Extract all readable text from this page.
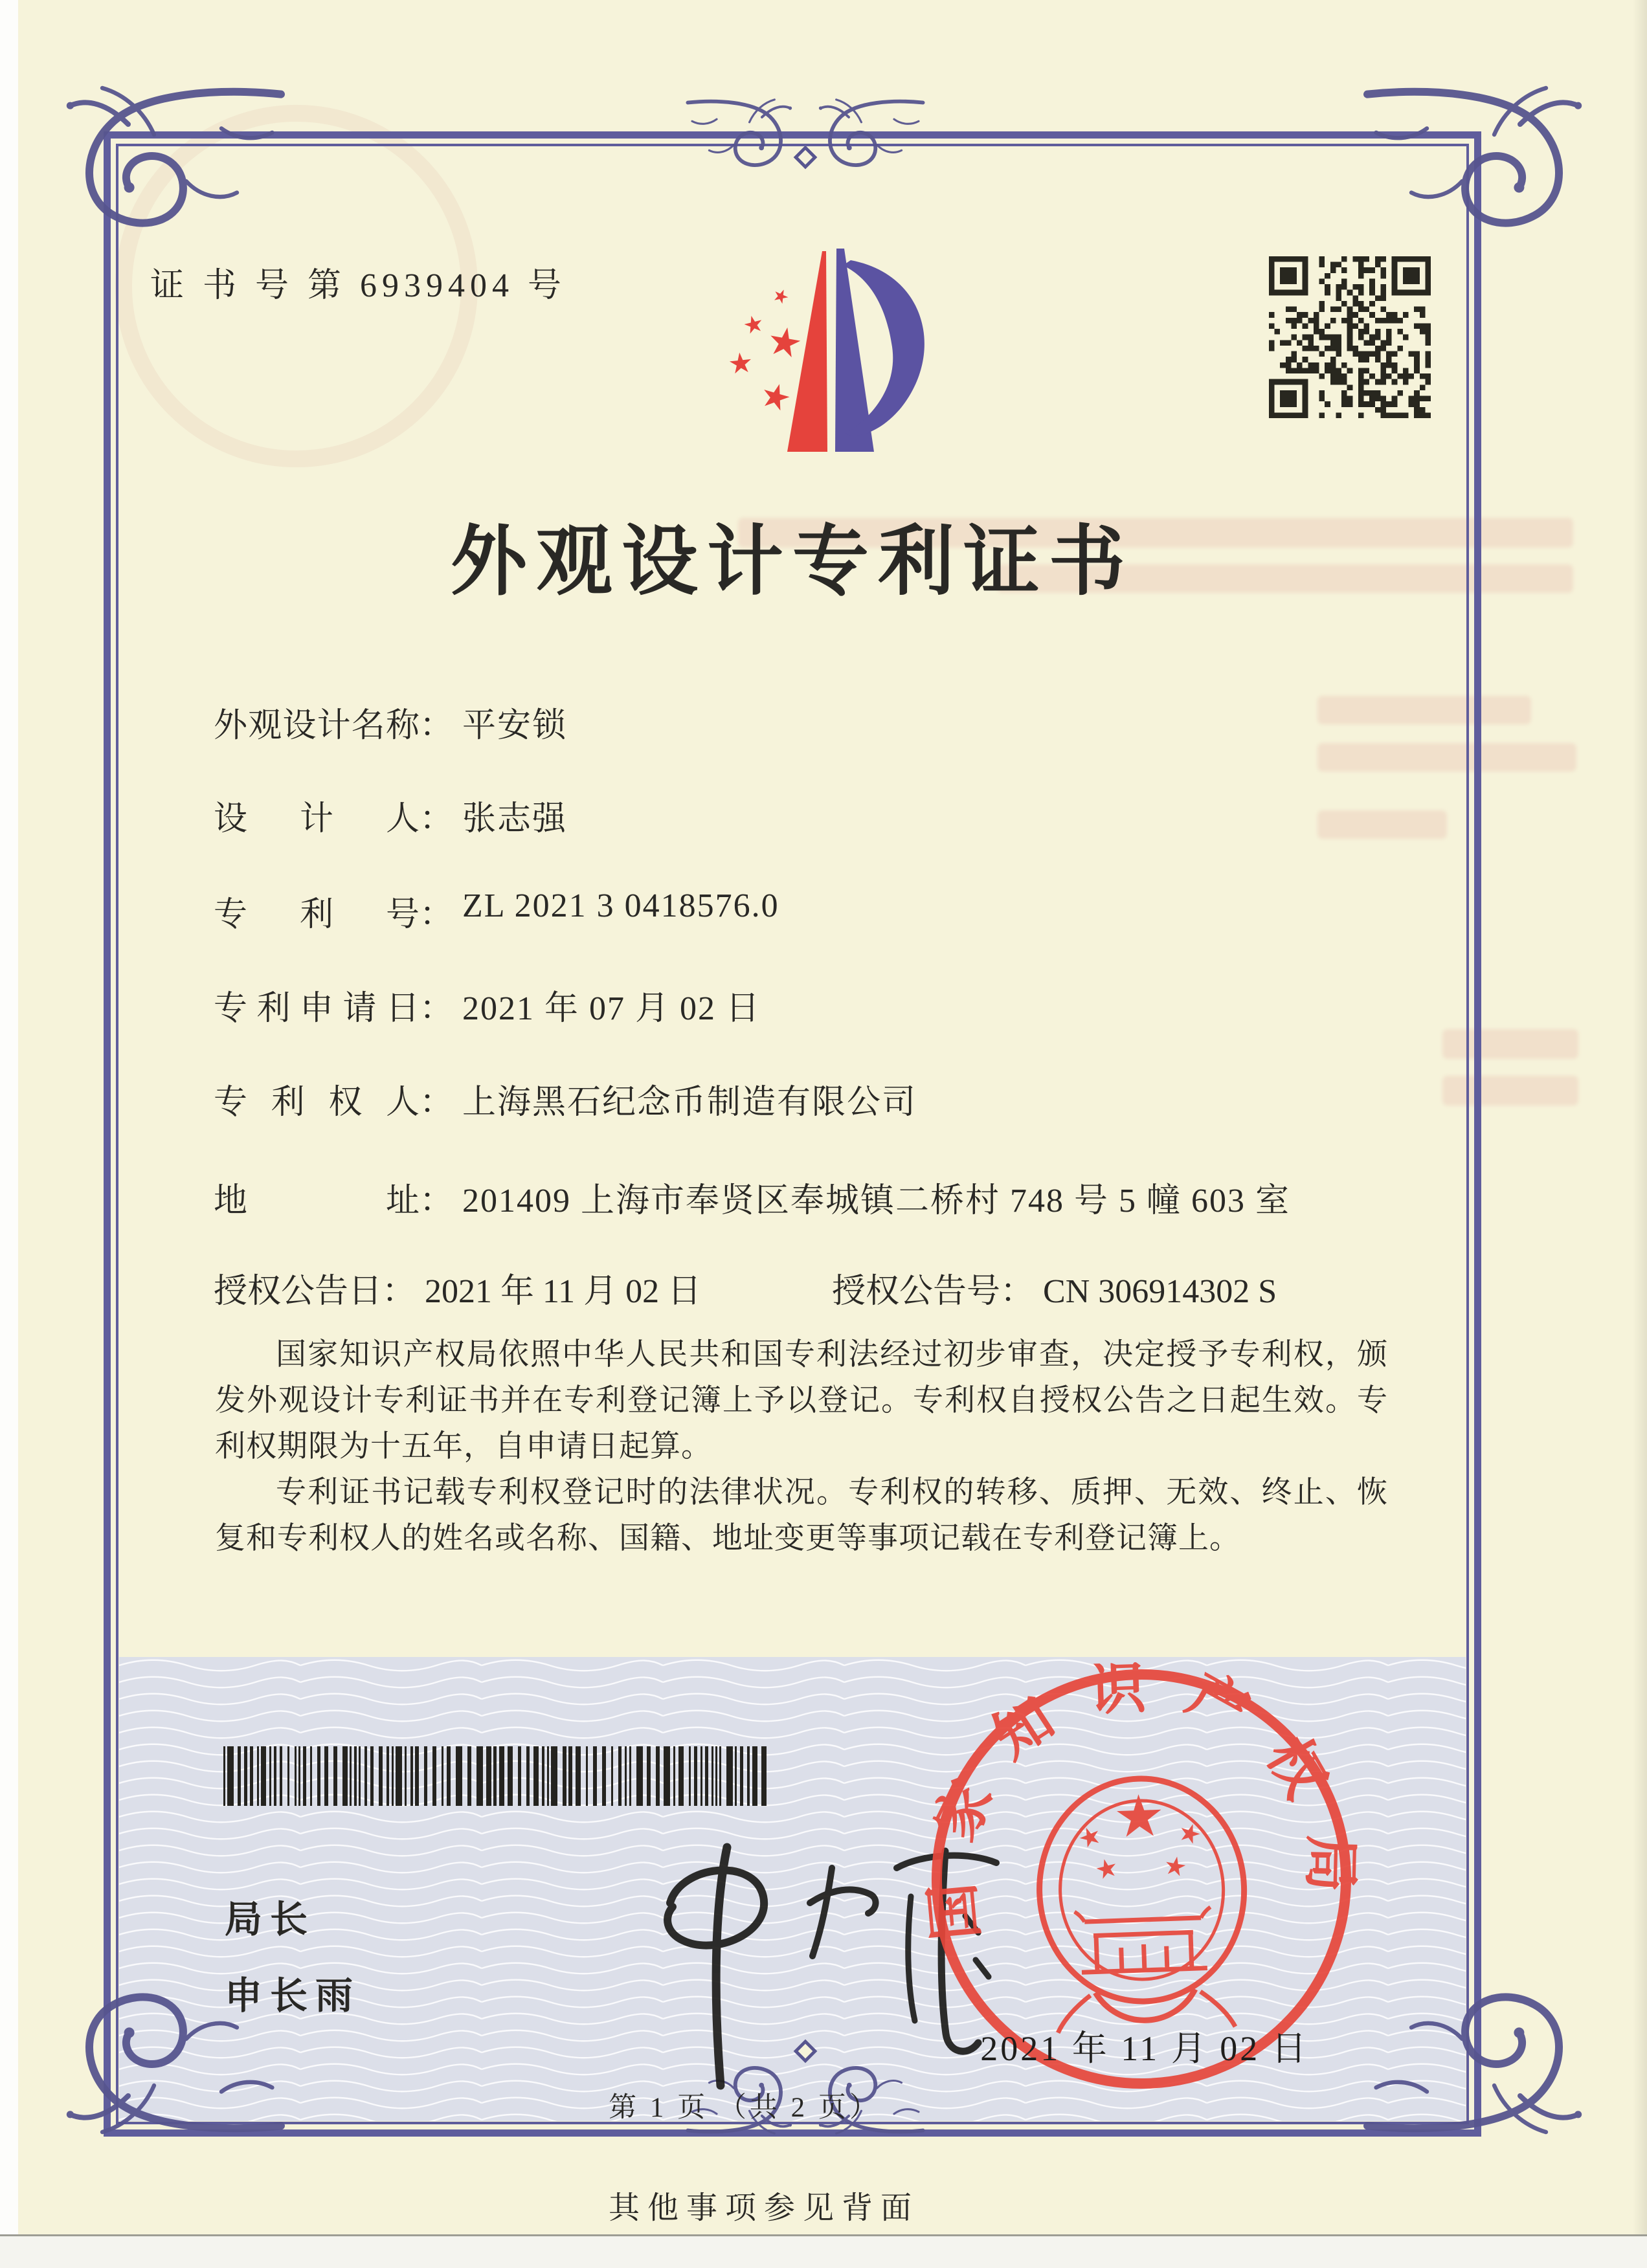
证 书 号 第 6939404 号
外观设计专利证书
外观设计名称： 平安锁
设 计 人： 张志强
专 利 号： ZL 2021 3 0418576.0
专利申请日： 2021 年 07 月 02 日
专 利 权 人： 上海黑石纪念币制造有限公司
地 址： 201409 上海市奉贤区奉城镇二桥村 748 号 5 幢 603 室
授权公告日： 2021 年 11 月 02 日	授权公告号： CN 306914302 S

国家知识产权局依照中华人民共和国专利法经过初步审查，决定授予专利权，颁发外观设计专利证书并在专利登记簿上予以登记。专利权自授权公告之日起生效。专利权期限为十五年，自申请日起算。

专利证书记载专利权登记时的法律状况。专利权的转移、质押、无效、终止、恢复和专利权人的姓名或名称、国籍、地址变更等事项记载在专利登记簿上。

局长
申长雨
国家知识产权局
2021 年 11 月 02 日
第 1 页 （共 2 页）
其他事项参见背面
